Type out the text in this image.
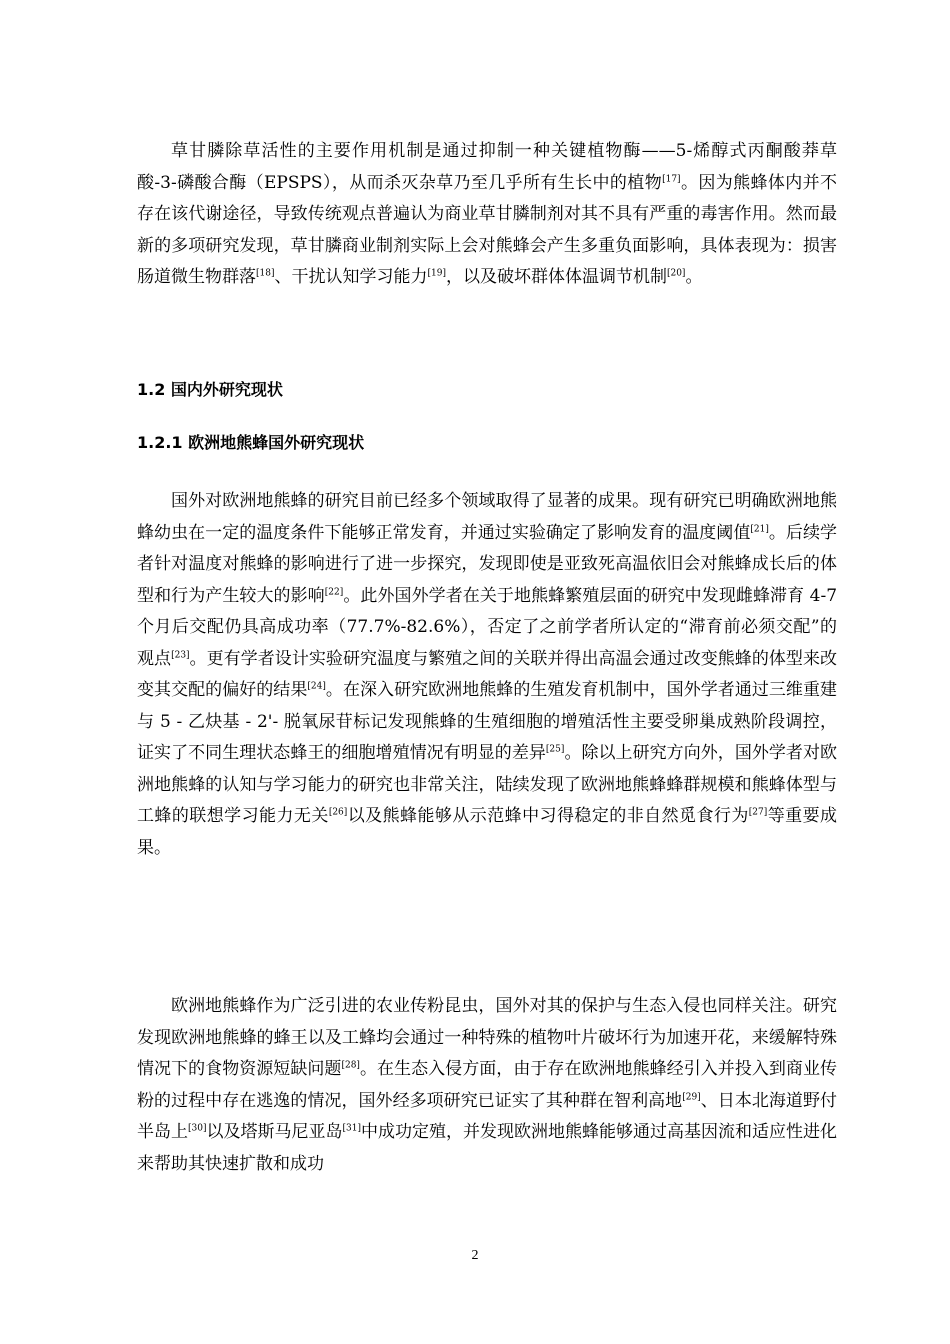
草甘膦除草活性的主要作用机制是通过抑制一种关键植物酶——5-烯醇式丙酮酸莽草酸-3-磷酸合酶（EPSPS），从而杀灭杂草乃至几乎所有生长中的植物[17]。因为熊蜂体内并不存在该代谢途径，导致传统观点普遍认为商业草甘膦制剂对其不具有严重的毒害作用。然而最新的多项研究发现，草甘膦商业制剂实际上会对熊蜂会产生多重负面影响，具体表现为：损害肠道微生物群落[18]、干扰认知学习能力[19]，以及破坏群体体温调节机制[20]。

1.2 国内外研究现状
1.2.1 欧洲地熊蜂国外研究现状

国外对欧洲地熊蜂的研究目前已经多个领域取得了显著的成果。现有研究已明确欧洲地熊蜂幼虫在一定的温度条件下能够正常发育，并通过实验确定了影响发育的温度阈值[21]。后续学者针对温度对熊蜂的影响进行了进一步探究，发现即使是亚致死高温依旧会对熊蜂成长后的体型和行为产生较大的影响[22]。此外国外学者在关于地熊蜂繁殖层面的研究中发现雌蜂滞育 4-7 个月后交配仍具高成功率（77.7%-82.6%），否定了之前学者所认定的“滞育前必须交配”的观点[23]。更有学者设计实验研究温度与繁殖之间的关联并得出高温会通过改变熊蜂的体型来改变其交配的偏好的结果[24]。在深入研究欧洲地熊蜂的生殖发育机制中，国外学者通过三维重建与 5 - 乙炔基 - 2'- 脱氧尿苷标记发现熊蜂的生殖细胞的增殖活性主要受卵巢成熟阶段调控，证实了不同生理状态蜂王的细胞增殖情况有明显的差异[25]。除以上研究方向外，国外学者对欧洲地熊蜂的认知与学习能力的研究也非常关注，陆续发现了欧洲地熊蜂蜂群规模和熊蜂体型与工蜂的联想学习能力无关[26]以及熊蜂能够从示范蜂中习得稳定的非自然觅食行为[27]等重要成果。

欧洲地熊蜂作为广泛引进的农业传粉昆虫，国外对其的保护与生态入侵也同样关注。研究发现欧洲地熊蜂的蜂王以及工蜂均会通过一种特殊的植物叶片破坏行为加速开花，来缓解特殊情况下的食物资源短缺问题[28]。在生态入侵方面，由于存在欧洲地熊蜂经引入并投入到商业传粉的过程中存在逃逸的情况，国外经多项研究已证实了其种群在智利高地[29]、日本北海道野付半岛上[30]以及塔斯马尼亚岛[31]中成功定殖，并发现欧洲地熊蜂能够通过高基因流和适应性进化来帮助其快速扩散和成功

2
